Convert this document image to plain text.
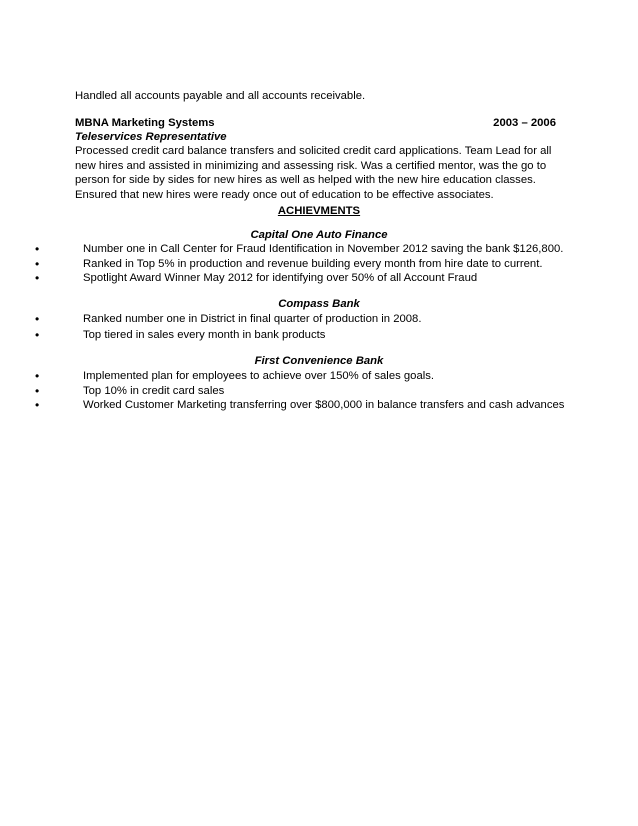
Handled all accounts payable and all accounts receivable.
MBNA Marketing Systems	2003 – 2006
Teleservices Representative
Processed credit card balance transfers and solicited credit card applications. Team Lead for all new hires and assisted in minimizing and assessing risk. Was a certified mentor, was the go to person for side by sides for new hires as well as helped with the new hire education classes. Ensured that new hires were ready once out of education to be effective associates.
ACHIEVMENTS
Capital One Auto Finance
•	Number one in Call Center for Fraud Identification in November 2012 saving the bank $126,800.
•	Ranked in Top 5% in production and revenue building every month from hire date to current.
•	Spotlight Award Winner May 2012 for identifying over 50% of all Account Fraud
Compass Bank
•	Ranked number one in District in final quarter of production in 2008.
•	Top tiered in sales every month in bank products
First Convenience Bank
•	Implemented plan for employees to achieve over 150% of sales goals.
•	Top 10% in credit card sales
•	Worked Customer Marketing transferring over $800,000 in balance transfers and cash advances
